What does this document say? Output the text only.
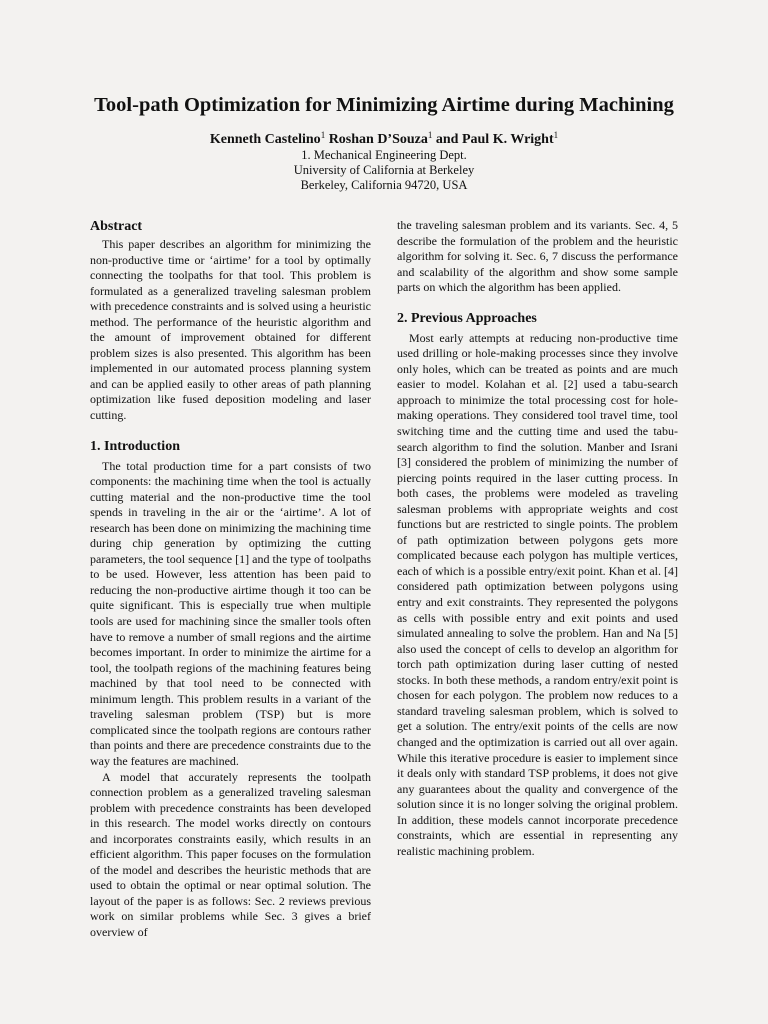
Tool-path Optimization for Minimizing Airtime during Machining
Kenneth Castelino$^1$ Roshan D’Souza$^1$ and Paul K. Wright$^1$
1. Mechanical Engineering Dept.
University of California at Berkeley
Berkeley, California 94720, USA
Abstract

This paper describes an algorithm for minimizing the non-productive time or ‘airtime’ for a tool by optimally connecting the toolpaths for that tool. This problem is formulated as a generalized traveling salesman problem with precedence constraints and is solved using a heuristic method. The performance of the heuristic algorithm and the amount of improvement obtained for different problem sizes is also presented. This algorithm has been implemented in our automated process planning system and can be applied easily to other areas of path planning optimization like fused deposition modeling and laser cutting.

1. Introduction

The total production time for a part consists of two components: the machining time when the tool is actually cutting material and the non-productive time the tool spends in traveling in the air or the ‘airtime’. A lot of research has been done on minimizing the machining time during chip generation by optimizing the cutting parameters, the tool sequence [1] and the type of toolpaths to be used. However, less attention has been paid to reducing the non-productive airtime though it too can be quite significant. This is especially true when multiple tools are used for machining since the smaller tools often have to remove a number of small regions and the airtime becomes important. In order to minimize the airtime for a tool, the toolpath regions of the machining features being machined by that tool need to be connected with minimum length. This problem results in a variant of the traveling salesman problem (TSP) but is more complicated since the toolpath regions are contours rather than points and there are precedence constraints due to the way the features are machined.

A model that accurately represents the toolpath connection problem as a generalized traveling salesman problem with precedence constraints has been developed in this research. The model works directly on contours and incorporates constraints easily, which results in an efficient algorithm. This paper focuses on the formulation of the model and describes the heuristic methods that are used to obtain the optimal or near optimal solution. The layout of the paper is as follows: Sec. 2 reviews previous work on similar problems while Sec. 3 gives a brief overview of

the traveling salesman problem and its variants. Sec. 4, 5 describe the formulation of the problem and the heuristic algorithm for solving it. Sec. 6, 7 discuss the performance and scalability of the algorithm and show some sample parts on which the algorithm has been applied.

2. Previous Approaches

Most early attempts at reducing non-productive time used drilling or hole-making processes since they involve only holes, which can be treated as points and are much easier to model. Kolahan et al. [2] used a tabu-search approach to minimize the total processing cost for hole-making operations. They considered tool travel time, tool switching time and the cutting time and used the tabu-search algorithm to find the solution. Manber and Israni [3] considered the problem of minimizing the number of piercing points required in the laser cutting process. In both cases, the problems were modeled as traveling salesman problems with appropriate weights and cost functions but are restricted to single points. The problem of path optimization between polygons gets more complicated because each polygon has multiple vertices, each of which is a possible entry/exit point. Khan et al. [4] considered path optimization between polygons using entry and exit constraints. They represented the polygons as cells with possible entry and exit points and used simulated annealing to solve the problem. Han and Na [5] also used the concept of cells to develop an algorithm for torch path optimization during laser cutting of nested stocks. In both these methods, a random entry/exit point is chosen for each polygon. The problem now reduces to a standard traveling salesman problem, which is solved to get a solution. The entry/exit points of the cells are now changed and the optimization is carried out all over again. While this iterative procedure is easier to implement since it deals only with standard TSP problems, it does not give any guarantees about the quality and convergence of the solution since it is no longer solving the original problem. In addition, these models cannot incorporate precedence constraints, which are essential in representing any realistic machining problem.
